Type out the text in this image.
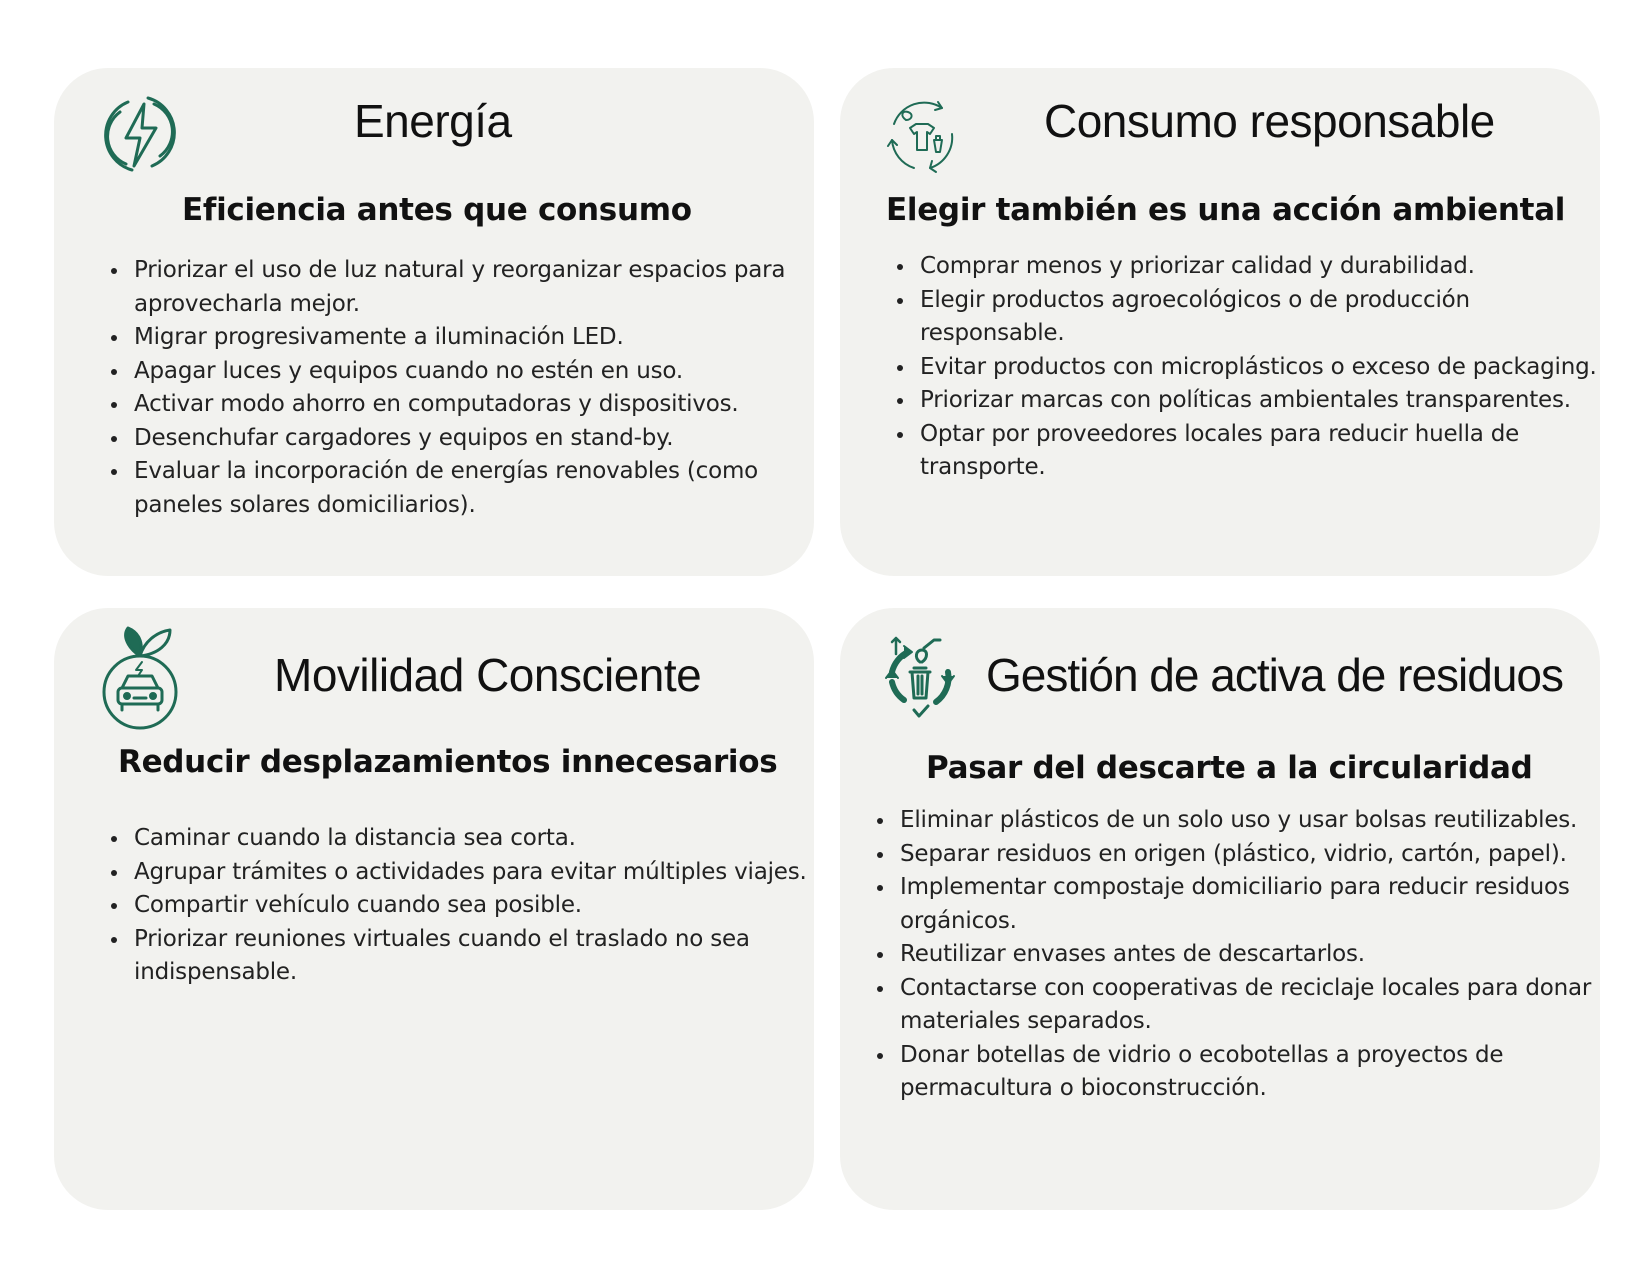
Energía
Eficiencia antes que consumo
• Priorizar el uso de luz natural y reorganizar espacios para aprovecharla mejor.
• Migrar progresivamente a iluminación LED.
• Apagar luces y equipos cuando no estén en uso.
• Activar modo ahorro en computadoras y dispositivos.
• Desenchufar cargadores y equipos en stand-by.
• Evaluar la incorporación de energías renovables (como paneles solares domiciliarios).
Consumo responsable
Elegir también es una acción ambiental
• Comprar menos y priorizar calidad y durabilidad.
• Elegir productos agroecológicos o de producción responsable.
• Evitar productos con microplásticos o exceso de packaging.
• Priorizar marcas con políticas ambientales transparentes.
• Optar por proveedores locales para reducir huella de transporte.
Movilidad Consciente
Reducir desplazamientos innecesarios
• Caminar cuando la distancia sea corta.
• Agrupar trámites o actividades para evitar múltiples viajes.
• Compartir vehículo cuando sea posible.
• Priorizar reuniones virtuales cuando el traslado no sea indispensable.
Gestión de activa de residuos
Pasar del descarte a la circularidad
• Eliminar plásticos de un solo uso y usar bolsas reutilizables.
• Separar residuos en origen (plástico, vidrio, cartón, papel).
• Implementar compostaje domiciliario para reducir residuos orgánicos.
• Reutilizar envases antes de descartarlos.
• Contactarse con cooperativas de reciclaje locales para donar materiales separados.
• Donar botellas de vidrio o ecobotellas a proyectos de permacultura o bioconstrucción.
